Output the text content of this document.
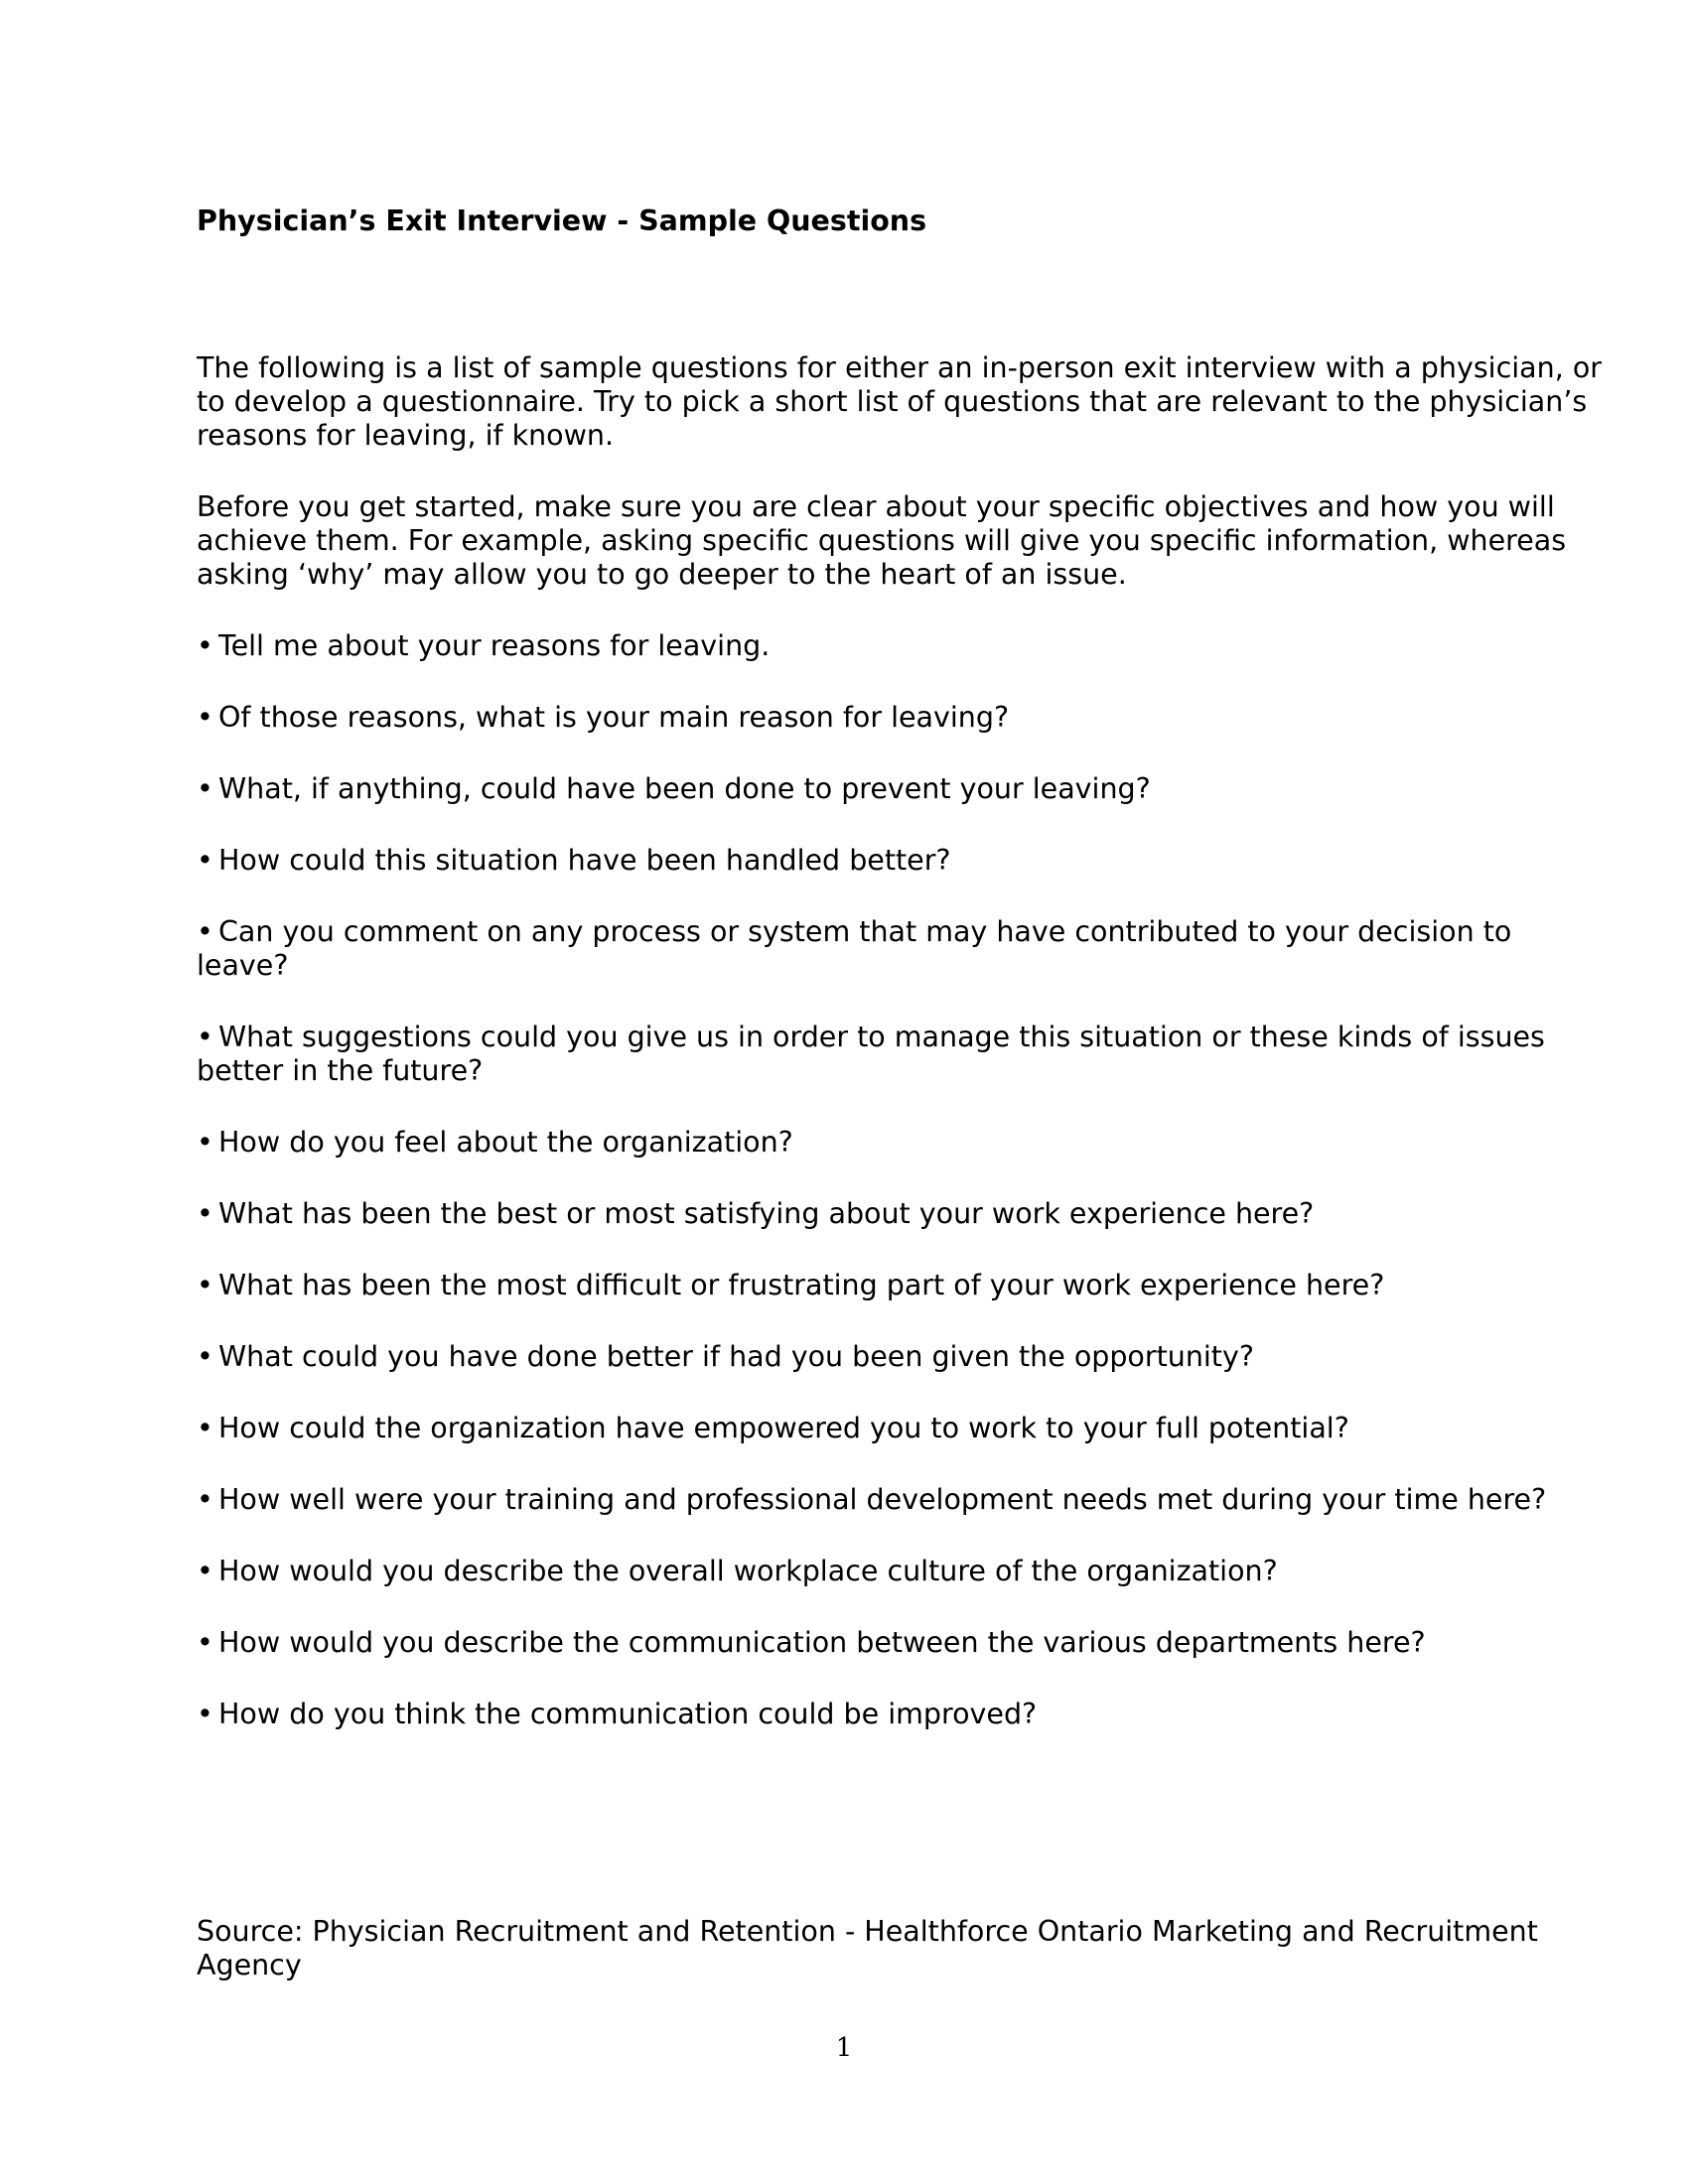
Physician’s Exit Interview - Sample Questions

The following is a list of sample questions for either an in-person exit interview with a physician, or
to develop a questionnaire. Try to pick a short list of questions that are relevant to the physician’s
reasons for leaving, if known.

Before you get started, make sure you are clear about your specific objectives and how you will
achieve them. For example, asking specific questions will give you specific information, whereas
asking ‘why’ may allow you to go deeper to the heart of an issue.

• Tell me about your reasons for leaving.
• Of those reasons, what is your main reason for leaving?
• What, if anything, could have been done to prevent your leaving?
• How could this situation have been handled better?
• Can you comment on any process or system that may have contributed to your decision to
leave?
• What suggestions could you give us in order to manage this situation or these kinds of issues
better in the future?
• How do you feel about the organization?
• What has been the best or most satisfying about your work experience here?
• What has been the most difficult or frustrating part of your work experience here?
• What could you have done better if had you been given the opportunity?
• How could the organization have empowered you to work to your full potential?
• How well were your training and professional development needs met during your time here?
• How would you describe the overall workplace culture of the organization?
• How would you describe the communication between the various departments here?
• How do you think the communication could be improved?

Source: Physician Recruitment and Retention - Healthforce Ontario Marketing and Recruitment
Agency

1
